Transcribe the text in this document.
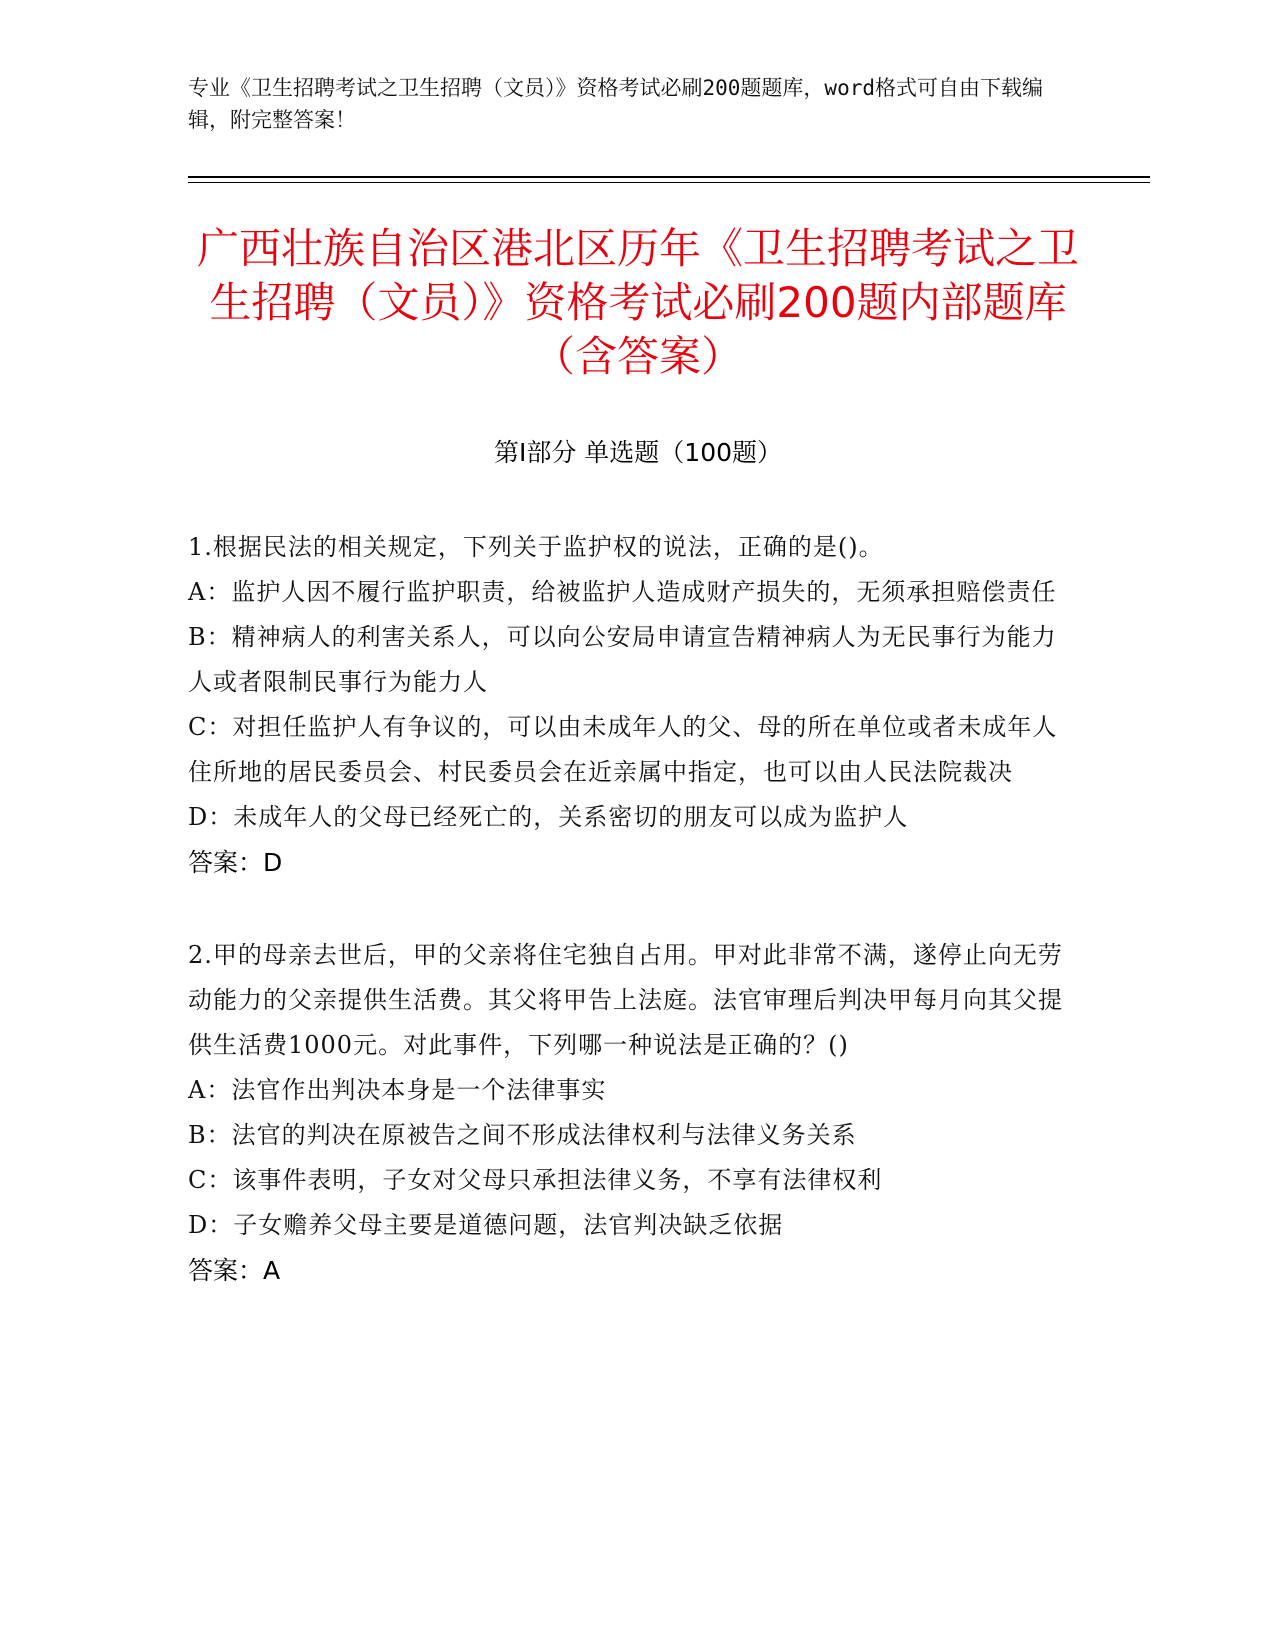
专业《卫生招聘考试之卫生招聘（文员）》资格考试必刷200题题库，word格式可自由下载编辑，附完整答案！
广西壮族自治区港北区历年《卫生招聘考试之卫生招聘（文员）》资格考试必刷200题内部题库（含答案）
第Ⅰ部分 单选题（100题）
1.根据民法的相关规定，下列关于监护权的说法，正确的是()。
A：监护人因不履行监护职责，给被监护人造成财产损失的，无须承担赔偿责任
B：精神病人的利害关系人，可以向公安局申请宣告精神病人为无民事行为能力人或者限制民事行为能力人
C：对担任监护人有争议的，可以由未成年人的父、母的所在单位或者未成年人住所地的居民委员会、村民委员会在近亲属中指定，也可以由人民法院裁决
D：未成年人的父母已经死亡的，关系密切的朋友可以成为监护人
答案：D
2.甲的母亲去世后，甲的父亲将住宅独自占用。甲对此非常不满，遂停止向无劳动能力的父亲提供生活费。其父将甲告上法庭。法官审理后判决甲每月向其父提供生活费1000元。对此事件，下列哪一种说法是正确的？()
A：法官作出判决本身是一个法律事实
B：法官的判决在原被告之间不形成法律权利与法律义务关系
C：该事件表明，子女对父母只承担法律义务，不享有法律权利
D：子女赡养父母主要是道德问题，法官判决缺乏依据
答案：A
